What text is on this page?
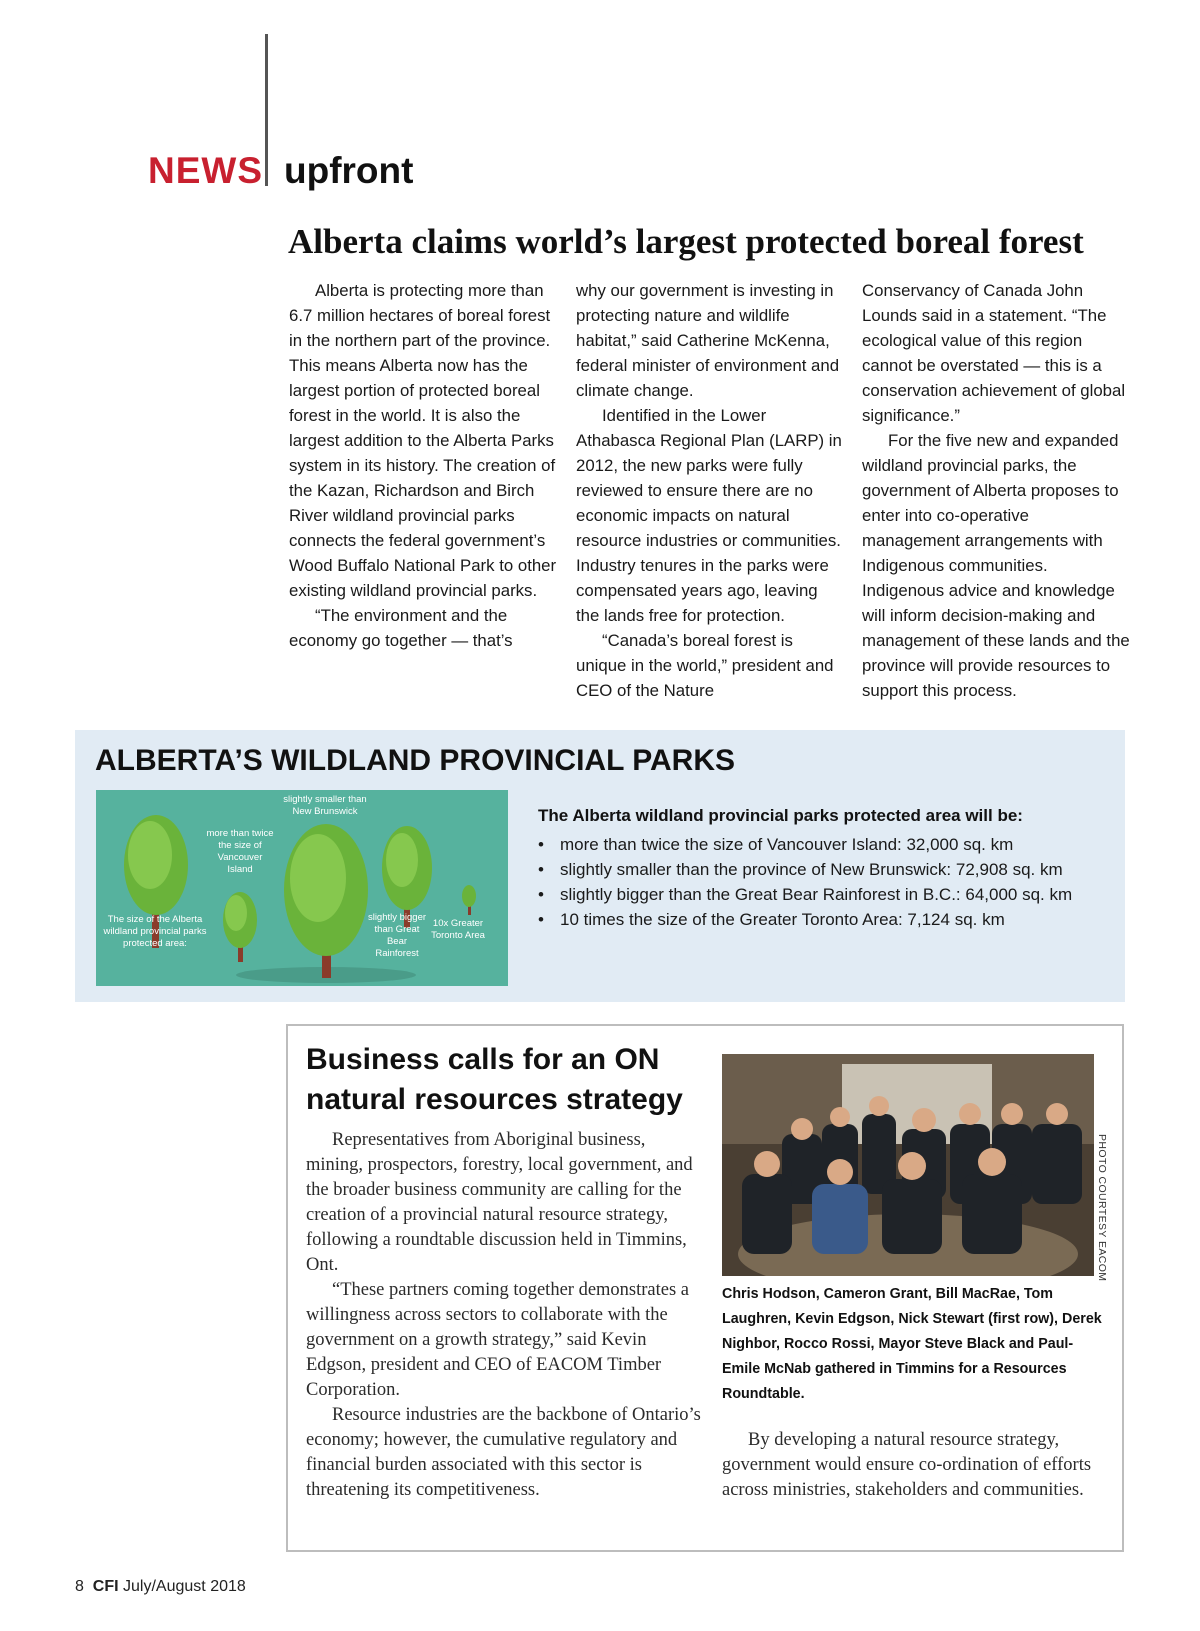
NEWS upfront
Alberta claims world’s largest protected boreal forest

Alberta is protecting more than 6.7 million hectares of boreal forest in the northern part of the province. This means Alberta now has the largest portion of protected boreal forest in the world. It is also the largest addition to the Alberta Parks system in its history. The creation of the Kazan, Richardson and Birch River wildland provincial parks connects the federal government’s Wood Buffalo National Park to other existing wildland provincial parks.

“The environment and the economy go together — that’s

why our government is investing in protecting nature and wildlife habitat,” said Catherine McKenna, federal minister of environment and climate change.

Identified in the Lower Athabasca Regional Plan (LARP) in 2012, the new parks were fully reviewed to ensure there are no economic impacts on natural resource industries or communities. Industry tenures in the parks were compensated years ago, leaving the lands free for protection.

“Canada’s boreal forest is unique in the world,” president and CEO of the Nature

Conservancy of Canada John Lounds said in a statement. “The ecological value of this region cannot be overstated — this is a conservation achievement of global significance.”

For the five new and expanded wildland provincial parks, the government of Alberta proposes to enter into co-operative management arrangements with Indigenous communities. Indigenous advice and knowledge will inform decision-making and management of these lands and the province will provide resources to support this process.

ALBERTA’S WILDLAND PROVINCIAL PARKS
The size of the Alberta wildland provincial parks protected area:
more than twice the size of Vancouver Island
slightly smaller than New Brunswick
slightly bigger than Great Bear Rainforest
10x Greater Toronto Area
The Alberta wildland provincial parks protected area will be:
• more than twice the size of Vancouver Island: 32,000 sq. km
• slightly smaller than the province of New Brunswick: 72,908 sq. km
• slightly bigger than the Great Bear Rainforest in B.C.: 64,000 sq. km
• 10 times the size of the Greater Toronto Area: 7,124 sq. km
Business calls for an ON natural resources strategy

Representatives from Aboriginal business, mining, prospectors, forestry, local government, and the broader business community are calling for the creation of a provincial natural resource strategy, following a roundtable discussion held in Timmins, Ont.

“These partners coming together demonstrates a willingness across sectors to collaborate with the government on a growth strategy,” said Kevin Edgson, president and CEO of EACOM Timber Corporation.

Resource industries are the backbone of Ontario’s economy; however, the cumulative regulatory and financial burden associated with this sector is threatening its competitiveness.

PHOTO COURTESY EACOM
Chris Hodson, Cameron Grant, Bill MacRae, Tom Laughren, Kevin Edgson, Nick Stewart (first row), Derek Nighbor, Rocco Rossi, Mayor Steve Black and Paul-Emile McNab gathered in Timmins for a Resources Roundtable.

By developing a natural resource strategy, government would ensure co-ordination of efforts across ministries, stakeholders and communities.

8 CFI July/August 2018
